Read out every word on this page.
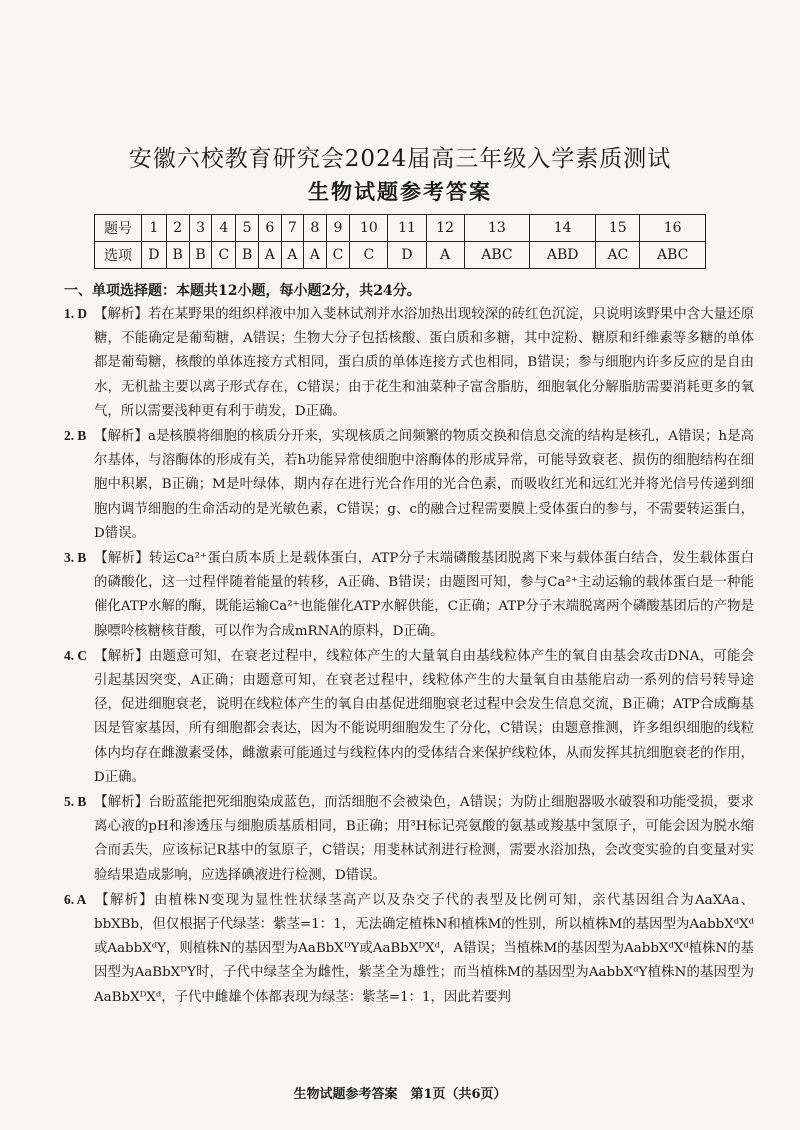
安徽六校教育研究会2024届高三年级入学素质测试
生物试题参考答案
题号	1	2	3	4	5	6	7	8	9	10	11	12	13	14	15	16
选项	D	B	B	C	B	A	A	A	C	C	D	A	ABC	ABD	AC	ABC
一、单项选择题：本题共12小题，每小题2分，共24分。

1. D 【解析】若在某野果的组织样液中加入斐林试剂并水浴加热出现较深的砖红色沉淀，只说明该野果中含大量还原糖，不能确定是葡萄糖，A错误；生物大分子包括核酸、蛋白质和多糖，其中淀粉、糖原和纤维素等多糖的单体都是葡萄糖，核酸的单体连接方式相同，蛋白质的单体连接方式也相同，B错误；参与细胞内许多反应的是自由水，无机盐主要以离子形式存在，C错误；由于花生和油菜种子富含脂肪，细胞氧化分解脂肪需要消耗更多的氧气，所以需要浅种更有利于萌发，D正确。

2. B 【解析】a是核膜将细胞的核质分开来，实现核质之间频繁的物质交换和信息交流的结构是核孔，A错误；h是高尔基体，与溶酶体的形成有关，若h功能异常使细胞中溶酶体的形成异常，可能导致衰老、损伤的细胞结构在细胞中积累，B正确；M是叶绿体，期内存在进行光合作用的光合色素，而吸收红光和远红光并将光信号传递到细胞内调节细胞的生命活动的是光敏色素，C错误；g、c的融合过程需要膜上受体蛋白的参与，不需要转运蛋白，D错误。

3. B 【解析】转运Ca²⁺蛋白质本质上是载体蛋白，ATP分子末端磷酸基团脱离下来与载体蛋白结合，发生载体蛋白的磷酸化，这一过程伴随着能量的转移，A正确、B错误；由题图可知，参与Ca²⁺主动运输的载体蛋白是一种能催化ATP水解的酶，既能运输Ca²⁺也能催化ATP水解供能，C正确；ATP分子末端脱离两个磷酸基团后的产物是腺嘌呤核糖核苷酸，可以作为合成mRNA的原料，D正确。

4. C 【解析】由题意可知，在衰老过程中，线粒体产生的大量氧自由基线粒体产生的氧自由基会攻击DNA，可能会引起基因突变，A正确；由题意可知，在衰老过程中，线粒体产生的大量氧自由基能启动一系列的信号转导途径，促进细胞衰老，说明在线粒体产生的氧自由基促进细胞衰老过程中会发生信息交流，B正确；ATP合成酶基因是管家基因，所有细胞都会表达，因为不能说明细胞发生了分化，C错误；由题意推测，许多组织细胞的线粒体内均存在雌激素受体，雌激素可能通过与线粒体内的受体结合来保护线粒体，从而发挥其抗细胞衰老的作用，D正确。

5. B 【解析】台盼蓝能把死细胞染成蓝色，而活细胞不会被染色，A错误；为防止细胞器吸水破裂和功能受损，要求离心液的pH和渗透压与细胞质基质相同，B正确；用³H标记亮氨酸的氨基或羧基中氢原子，可能会因为脱水缩合而丢失，应该标记R基中的氢原子，C错误；用斐林试剂进行检测，需要水浴加热，会改变实验的自变量对实验结果造成影响，应选择碘液进行检测，D错误。

6. A 【解析】由植株N变现为显性性状绿茎高产以及杂交子代的表型及比例可知，亲代基因组合为AaXAa、bbXBb，但仅根据子代绿茎：紫茎=1：1，无法确定植株N和植株M的性别，所以植株M的基因型为AabbXᵈXᵈ或AabbXᵈY，则植株N的基因型为AaBbXᴰY或AaBbXᴰXᵈ，A错误；当植株M的基因型为AabbXᵈXᵈ植株N的基因型为AaBbXᴰY时，子代中绿茎全为雌性，紫茎全为雄性；而当植株M的基因型为AabbXᵈY植株N的基因型为AaBbXᴰXᵈ，子代中雌雄个体都表现为绿茎：紫茎=1：1，因此若要判

生物试题参考答案　第1页（共6页）
